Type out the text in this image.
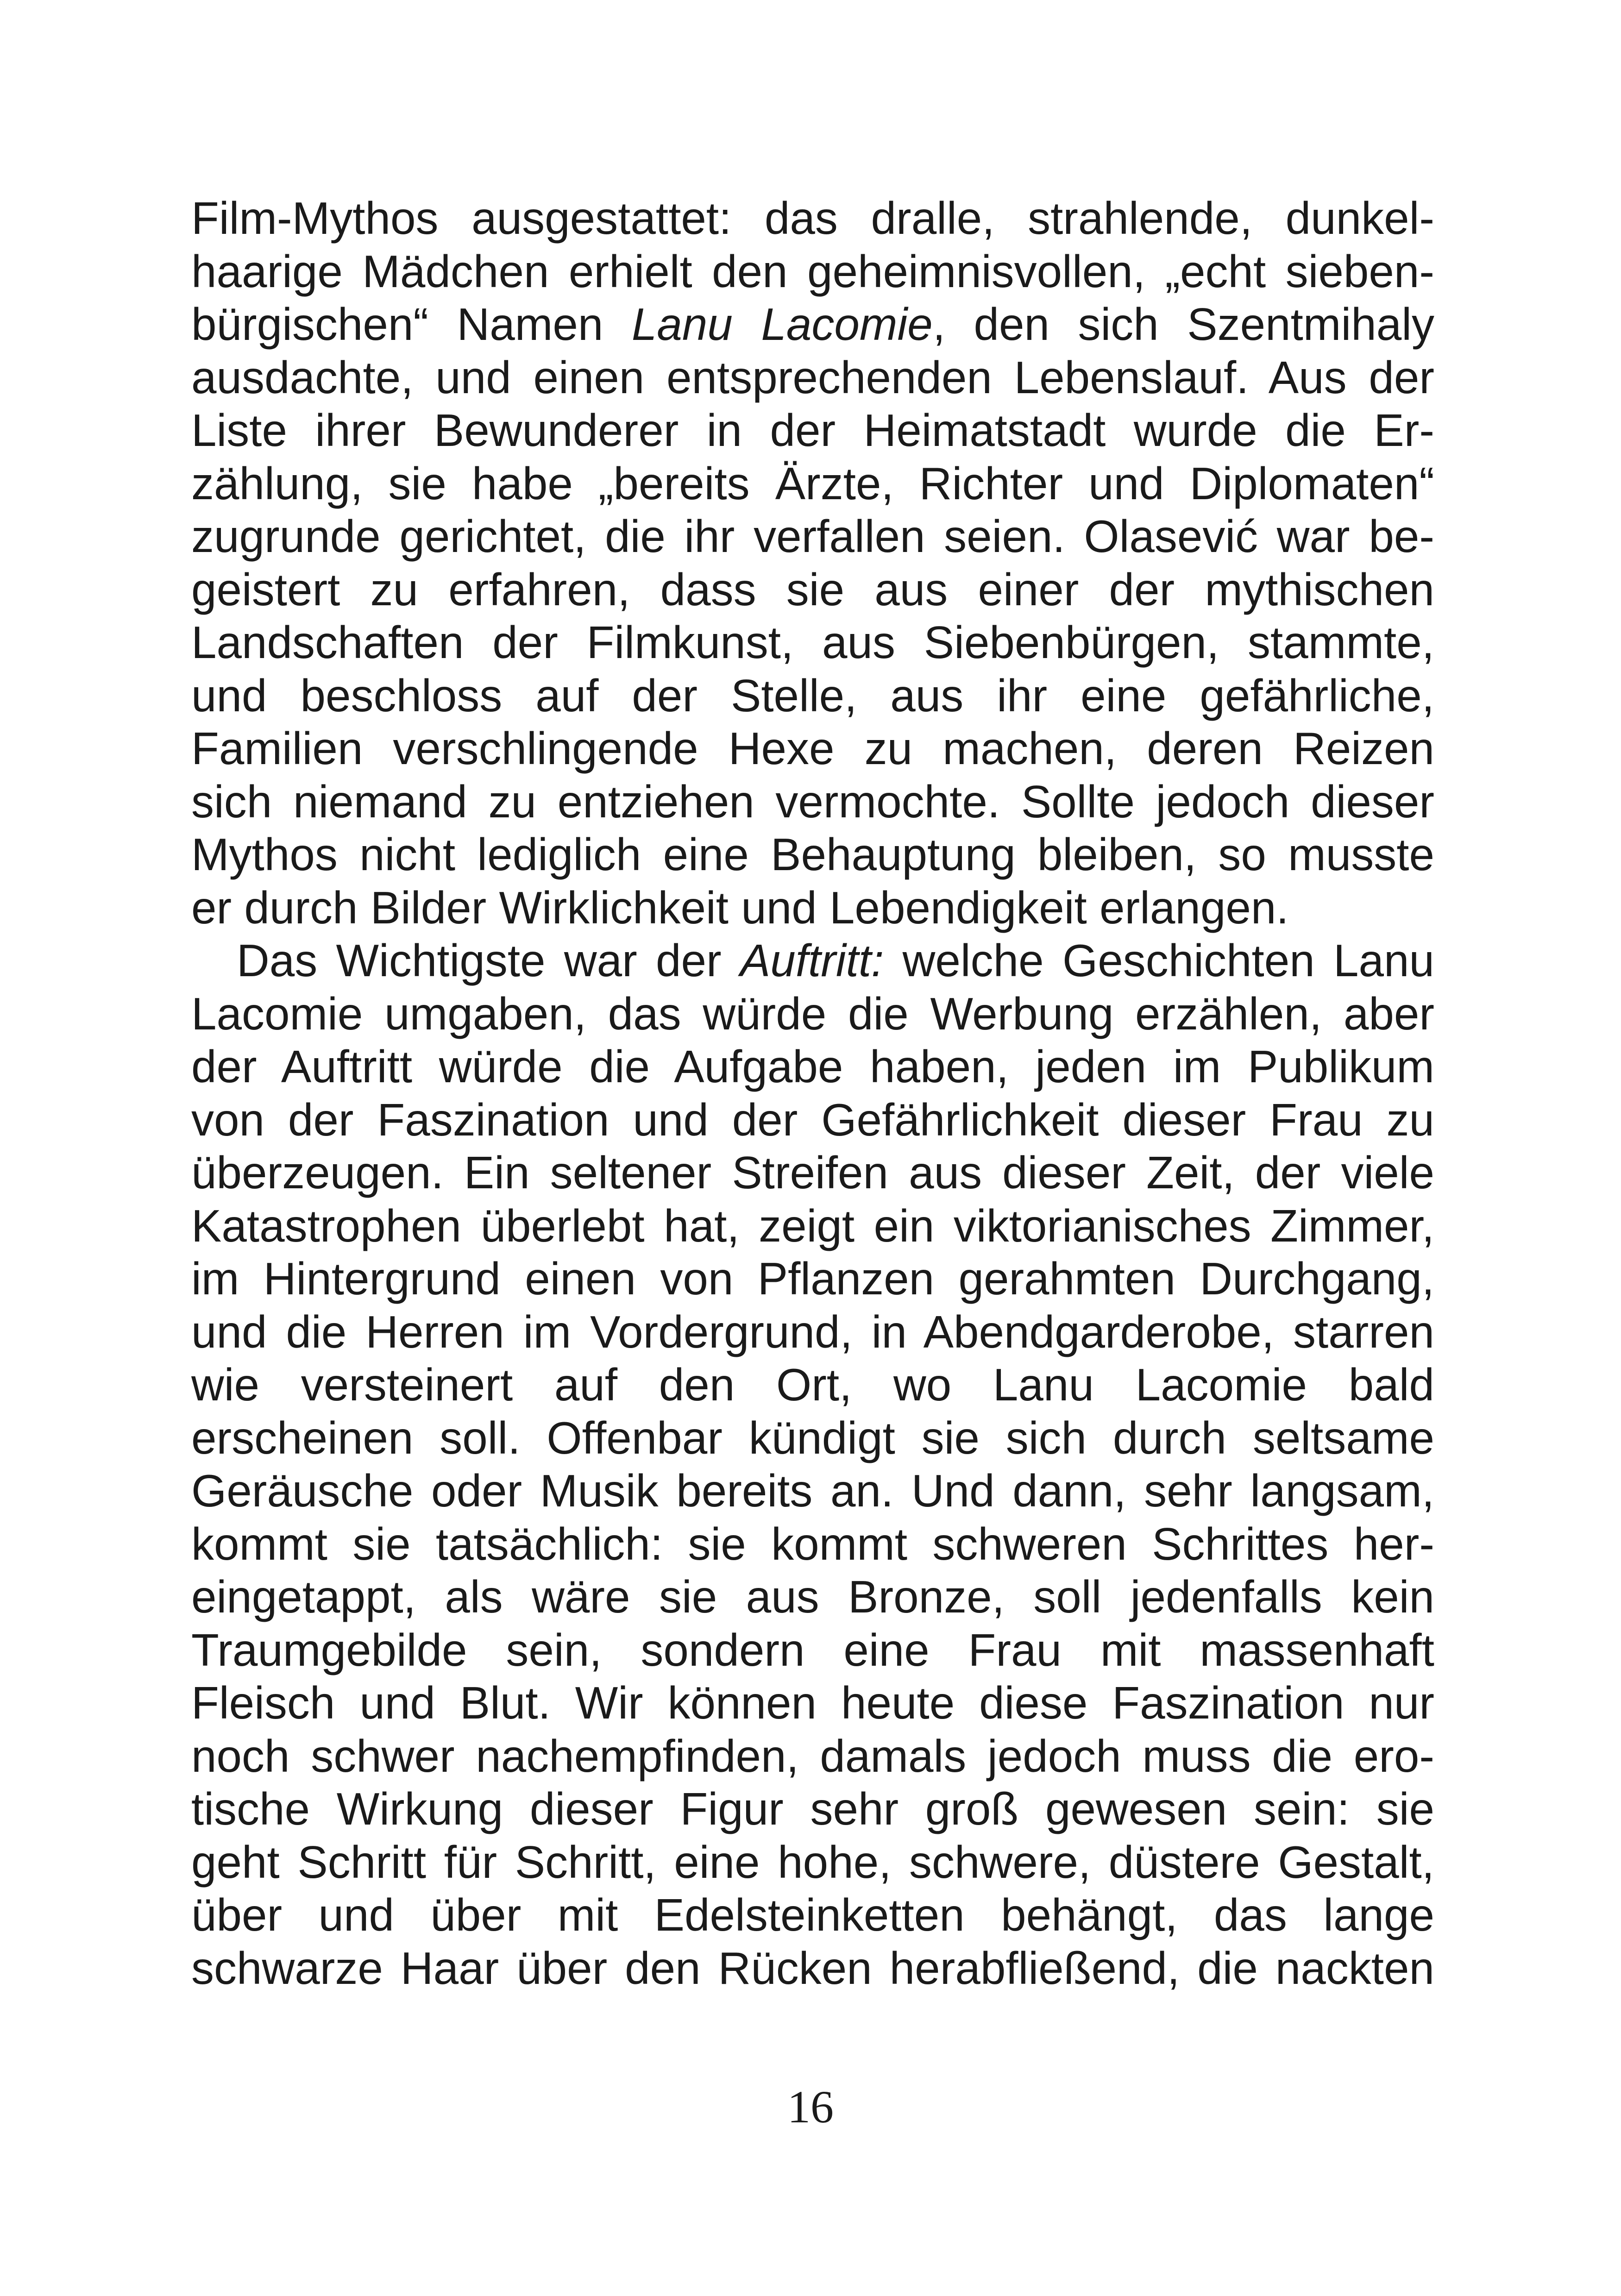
Film-Mythos ausgestattet: das dralle, strahlende, dunkel-
haarige Mädchen erhielt den geheimnisvollen, „echt sieben-
bürgischen“ Namen Lanu Lacomie, den sich Szentmihaly
ausdachte, und einen entsprechenden Lebenslauf. Aus der
Liste ihrer Bewunderer in der Heimatstadt wurde die Er-
zählung, sie habe „bereits Ärzte, Richter und Diplomaten“
zugrunde gerichtet, die ihr verfallen seien. Olasević war be-
geistert zu erfahren, dass sie aus einer der mythischen
Landschaften der Filmkunst, aus Siebenbürgen, stammte,
und beschloss auf der Stelle, aus ihr eine gefährliche,
Familien verschlingende Hexe zu machen, deren Reizen
sich niemand zu entziehen vermochte. Sollte jedoch dieser
Mythos nicht lediglich eine Behauptung bleiben, so musste
er durch Bilder Wirklichkeit und Lebendigkeit erlangen.
Das Wichtigste war der Auftritt: welche Geschichten Lanu
Lacomie umgaben, das würde die Werbung erzählen, aber
der Auftritt würde die Aufgabe haben, jeden im Publikum
von der Faszination und der Gefährlichkeit dieser Frau zu
überzeugen. Ein seltener Streifen aus dieser Zeit, der viele
Katastrophen überlebt hat, zeigt ein viktorianisches Zimmer,
im Hintergrund einen von Pflanzen gerahmten Durchgang,
und die Herren im Vordergrund, in Abendgarderobe, starren
wie versteinert auf den Ort, wo Lanu Lacomie bald
erscheinen soll. Offenbar kündigt sie sich durch seltsame
Geräusche oder Musik bereits an. Und dann, sehr langsam,
kommt sie tatsächlich: sie kommt schweren Schrittes her-
eingetappt, als wäre sie aus Bronze, soll jedenfalls kein
Traumgebilde sein, sondern eine Frau mit massenhaft
Fleisch und Blut. Wir können heute diese Faszination nur
noch schwer nachempfinden, damals jedoch muss die ero-
tische Wirkung dieser Figur sehr groß gewesen sein: sie
geht Schritt für Schritt, eine hohe, schwere, düstere Gestalt,
über und über mit Edelsteinketten behängt, das lange
schwarze Haar über den Rücken herabfließend, die nackten
16
